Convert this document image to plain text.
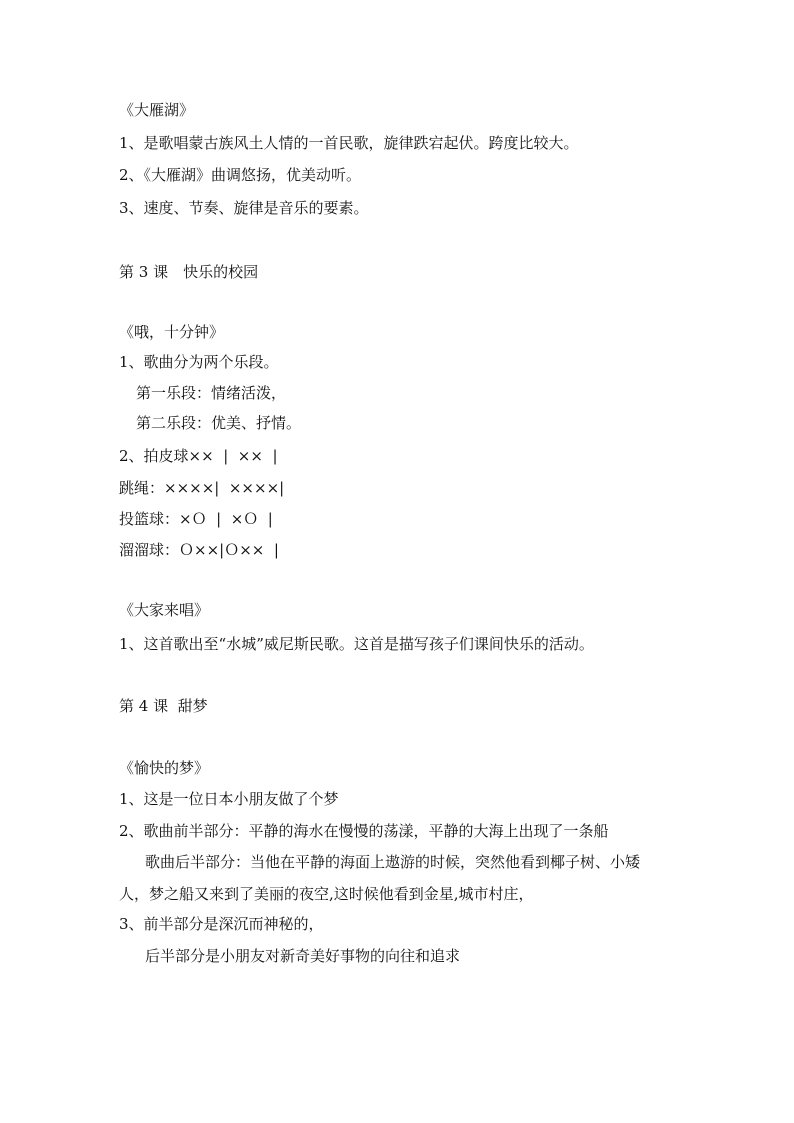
《大雁湖》
1、是歌唱蒙古族风土人情的一首民歌，旋律跌宕起伏。跨度比较大。
2、《大雁湖》曲调悠扬，优美动听。
3、速度、节奏、旋律是音乐的要素。
第 3 课　快乐的校园
《哦，十分钟》
1、歌曲分为两个乐段。
第一乐段：情绪活泼，
第二乐段：优美、抒情。
2、拍皮球××  |  ××  |
跳绳：××××|  ××××|
投篮球：×Ｏ  |  ×Ｏ  |
溜溜球：Ｏ××|Ｏ××  |
《大家来唱》
1、这首歌出至“水城”威尼斯民歌。这首是描写孩子们课间快乐的活动。
第 4 课  甜梦
《愉快的梦》
1、这是一位日本小朋友做了个梦
2、歌曲前半部分：平静的海水在慢慢的荡漾，平静的大海上出现了一条船
歌曲后半部分：当他在平静的海面上遨游的时候，突然他看到椰子树、小矮
人，梦之船又来到了美丽的夜空,这时候他看到金星,城市村庄，
3、前半部分是深沉而神秘的，
后半部分是小朋友对新奇美好事物的向往和追求
